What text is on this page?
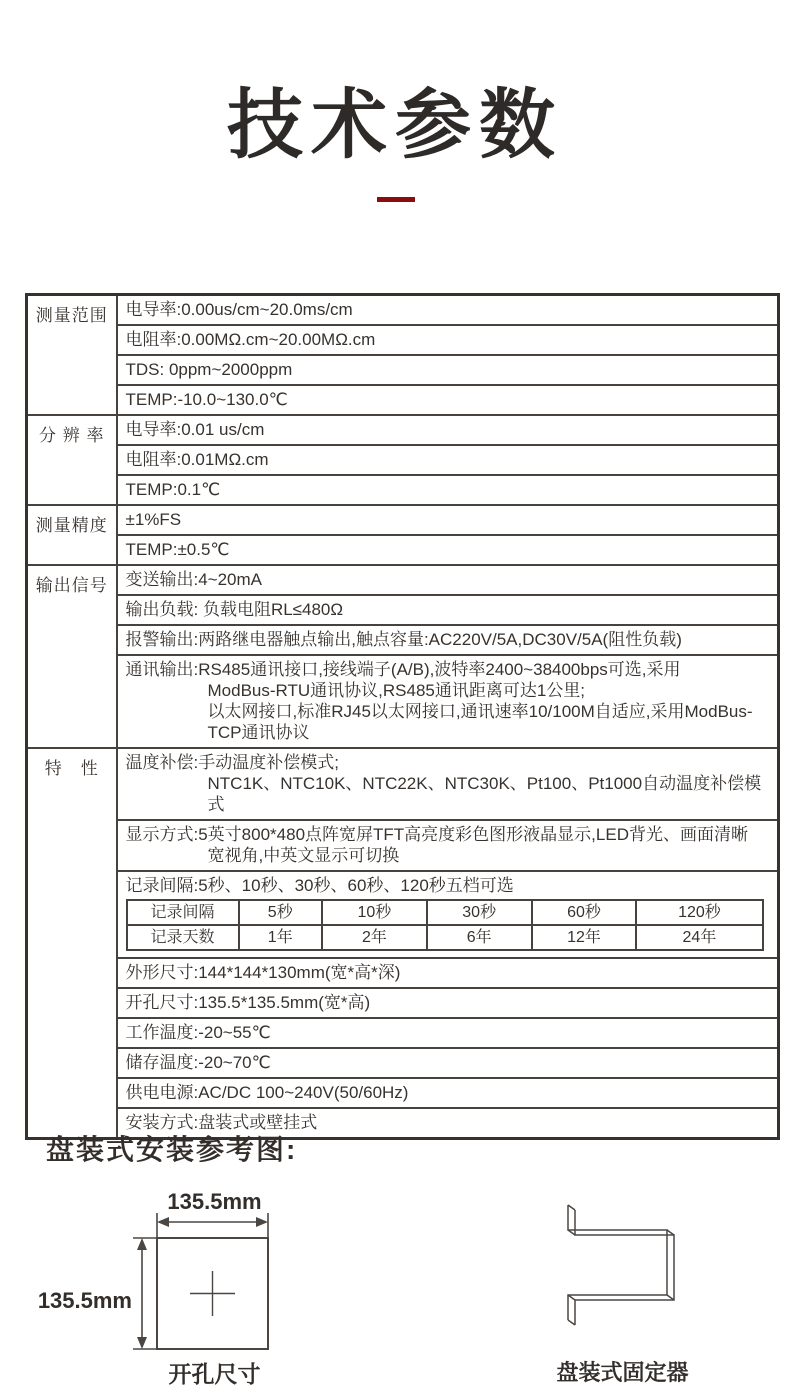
技术参数
测量范围	电导率:0.00us/cm~20.0ms/cm

电阻率:0.00MΩ.cm~20.00MΩ.cm

TDS: 0ppm~2000ppm

TEMP:-10.0~130.0℃

分 辨 率	电导率:0.01 us/cm

电阻率:0.01MΩ.cm

TEMP:0.1℃

测量精度	±1%FS

TEMP:±0.5℃

输出信号	变送输出:4~20mA

输出负载: 负载电阻RL≤480Ω

报警输出:两路继电器触点输出,触点容量:AC220V/5A,DC30V/5A(阻性负载)

通讯输出:RS485通讯接口,接线端子(A/B),波特率2400~38400bps可选,采用
ModBus-RTU通讯协议,RS485通讯距离可达1公里;
以太网接口,标准RJ45以太网接口,通讯速率10/100M自适应,采用ModBus-
TCP通讯协议

特　性	温度补偿:手动温度补偿模式;
NTC1K、NTC10K、NTC22K、NTC30K、Pt100、Pt1000自动温度补偿模式

显示方式:5英寸800*480点阵宽屏TFT高亮度彩色图形液晶显示,LED背光、画面清晰
宽视角,中英文显示可切换

记录间隔:5秒、10秒、30秒、60秒、120秒五档可选
记录间隔	5秒	10秒	30秒	60秒	120秒
记录天数	1年	2年	6年	12年	24年

外形尺寸:144*144*130mm(宽*高*深)

开孔尺寸:135.5*135.5mm(宽*高)

工作温度:-20~55℃

储存温度:-20~70℃

供电电源:AC/DC 100~240V(50/60Hz)

安装方式:盘装式或壁挂式
盘装式安装参考图:
135.5mm
135.5mm
开孔尺寸	盘装式固定器
